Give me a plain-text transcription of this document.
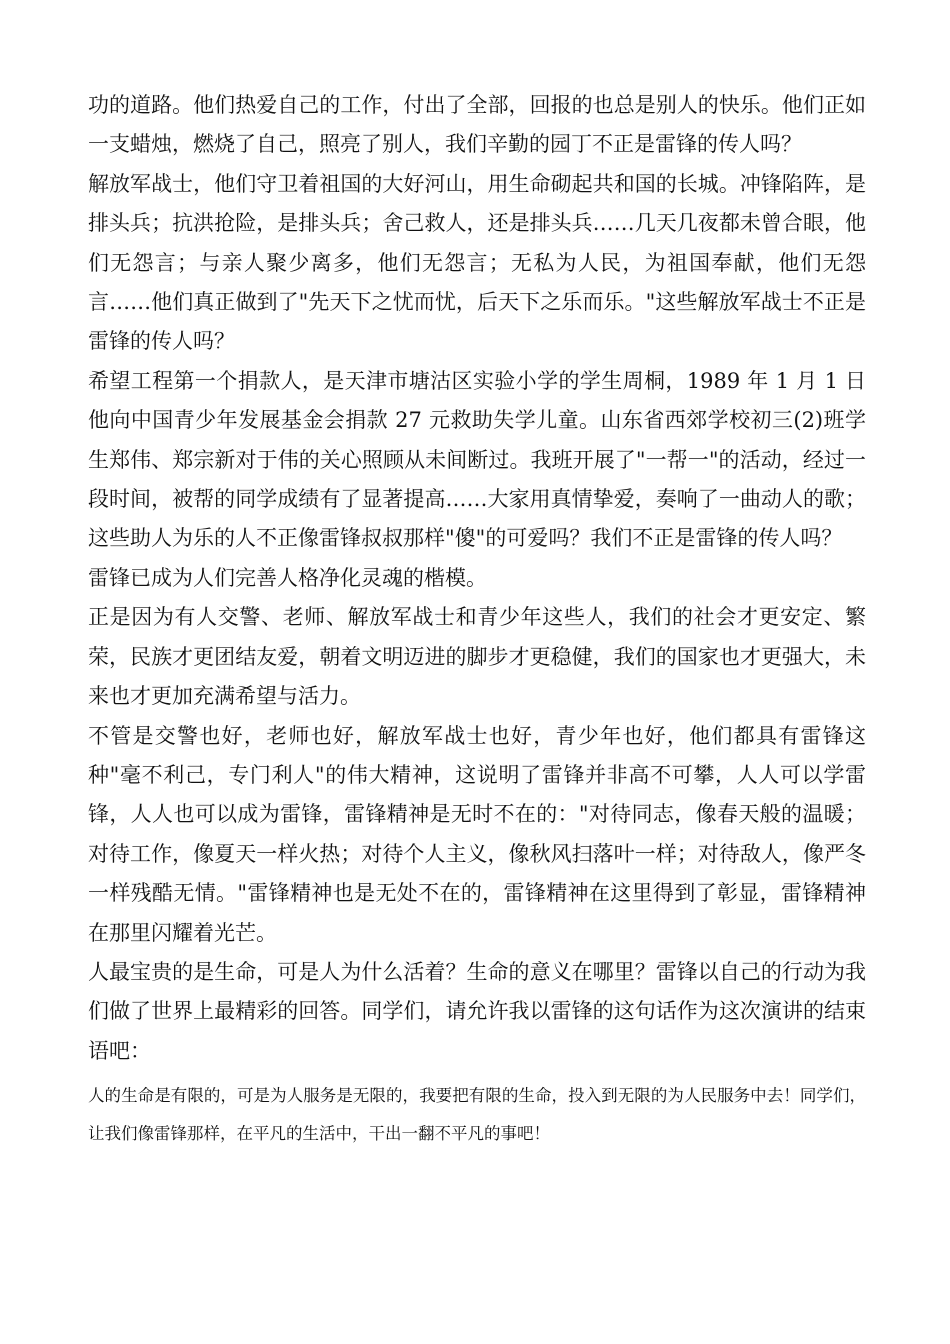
功的道路。他们热爱自己的工作，付出了全部，回报的也总是别人的快乐。他们正如一支蜡烛，燃烧了自己，照亮了别人，我们辛勤的园丁不正是雷锋的传人吗？

解放军战士，他们守卫着祖国的大好河山，用生命砌起共和国的长城。冲锋陷阵，是排头兵；抗洪抢险，是排头兵；舍己救人，还是排头兵……几天几夜都未曾合眼，他们无怨言；与亲人聚少离多，他们无怨言；无私为人民，为祖国奉献，他们无怨言……他们真正做到了"先天下之忧而忧，后天下之乐而乐。"这些解放军战士不正是雷锋的传人吗？

希望工程第一个捐款人，是天津市塘沽区实验小学的学生周桐，1989 年 1 月 1 日他向中国青少年发展基金会捐款 27 元救助失学儿童。山东省西郊学校初三(2)班学生郑伟、郑宗新对于伟的关心照顾从未间断过。我班开展了"一帮一"的活动，经过一段时间，被帮的同学成绩有了显著提高……大家用真情挚爱，奏响了一曲动人的歌；这些助人为乐的人不正像雷锋叔叔那样"傻"的可爱吗？我们不正是雷锋的传人吗？

雷锋已成为人们完善人格净化灵魂的楷模。

正是因为有人交警、老师、解放军战士和青少年这些人，我们的社会才更安定、繁荣，民族才更团结友爱，朝着文明迈进的脚步才更稳健，我们的国家也才更强大，未来也才更加充满希望与活力。

不管是交警也好，老师也好，解放军战士也好，青少年也好，他们都具有雷锋这种"毫不利己，专门利人"的伟大精神，这说明了雷锋并非高不可攀，人人可以学雷锋，人人也可以成为雷锋，雷锋精神是无时不在的："对待同志，像春天般的温暖；对待工作，像夏天一样火热；对待个人主义，像秋风扫落叶一样；对待敌人，像严冬一样残酷无情。"雷锋精神也是无处不在的，雷锋精神在这里得到了彰显，雷锋精神在那里闪耀着光芒。

人最宝贵的是生命，可是人为什么活着？生命的意义在哪里？雷锋以自己的行动为我们做了世界上最精彩的回答。同学们，请允许我以雷锋的这句话作为这次演讲的结束语吧：

人的生命是有限的，可是为人服务是无限的，我要把有限的生命，投入到无限的为人民服务中去！同学们，让我们像雷锋那样，在平凡的生活中，干出一翻不平凡的事吧！
